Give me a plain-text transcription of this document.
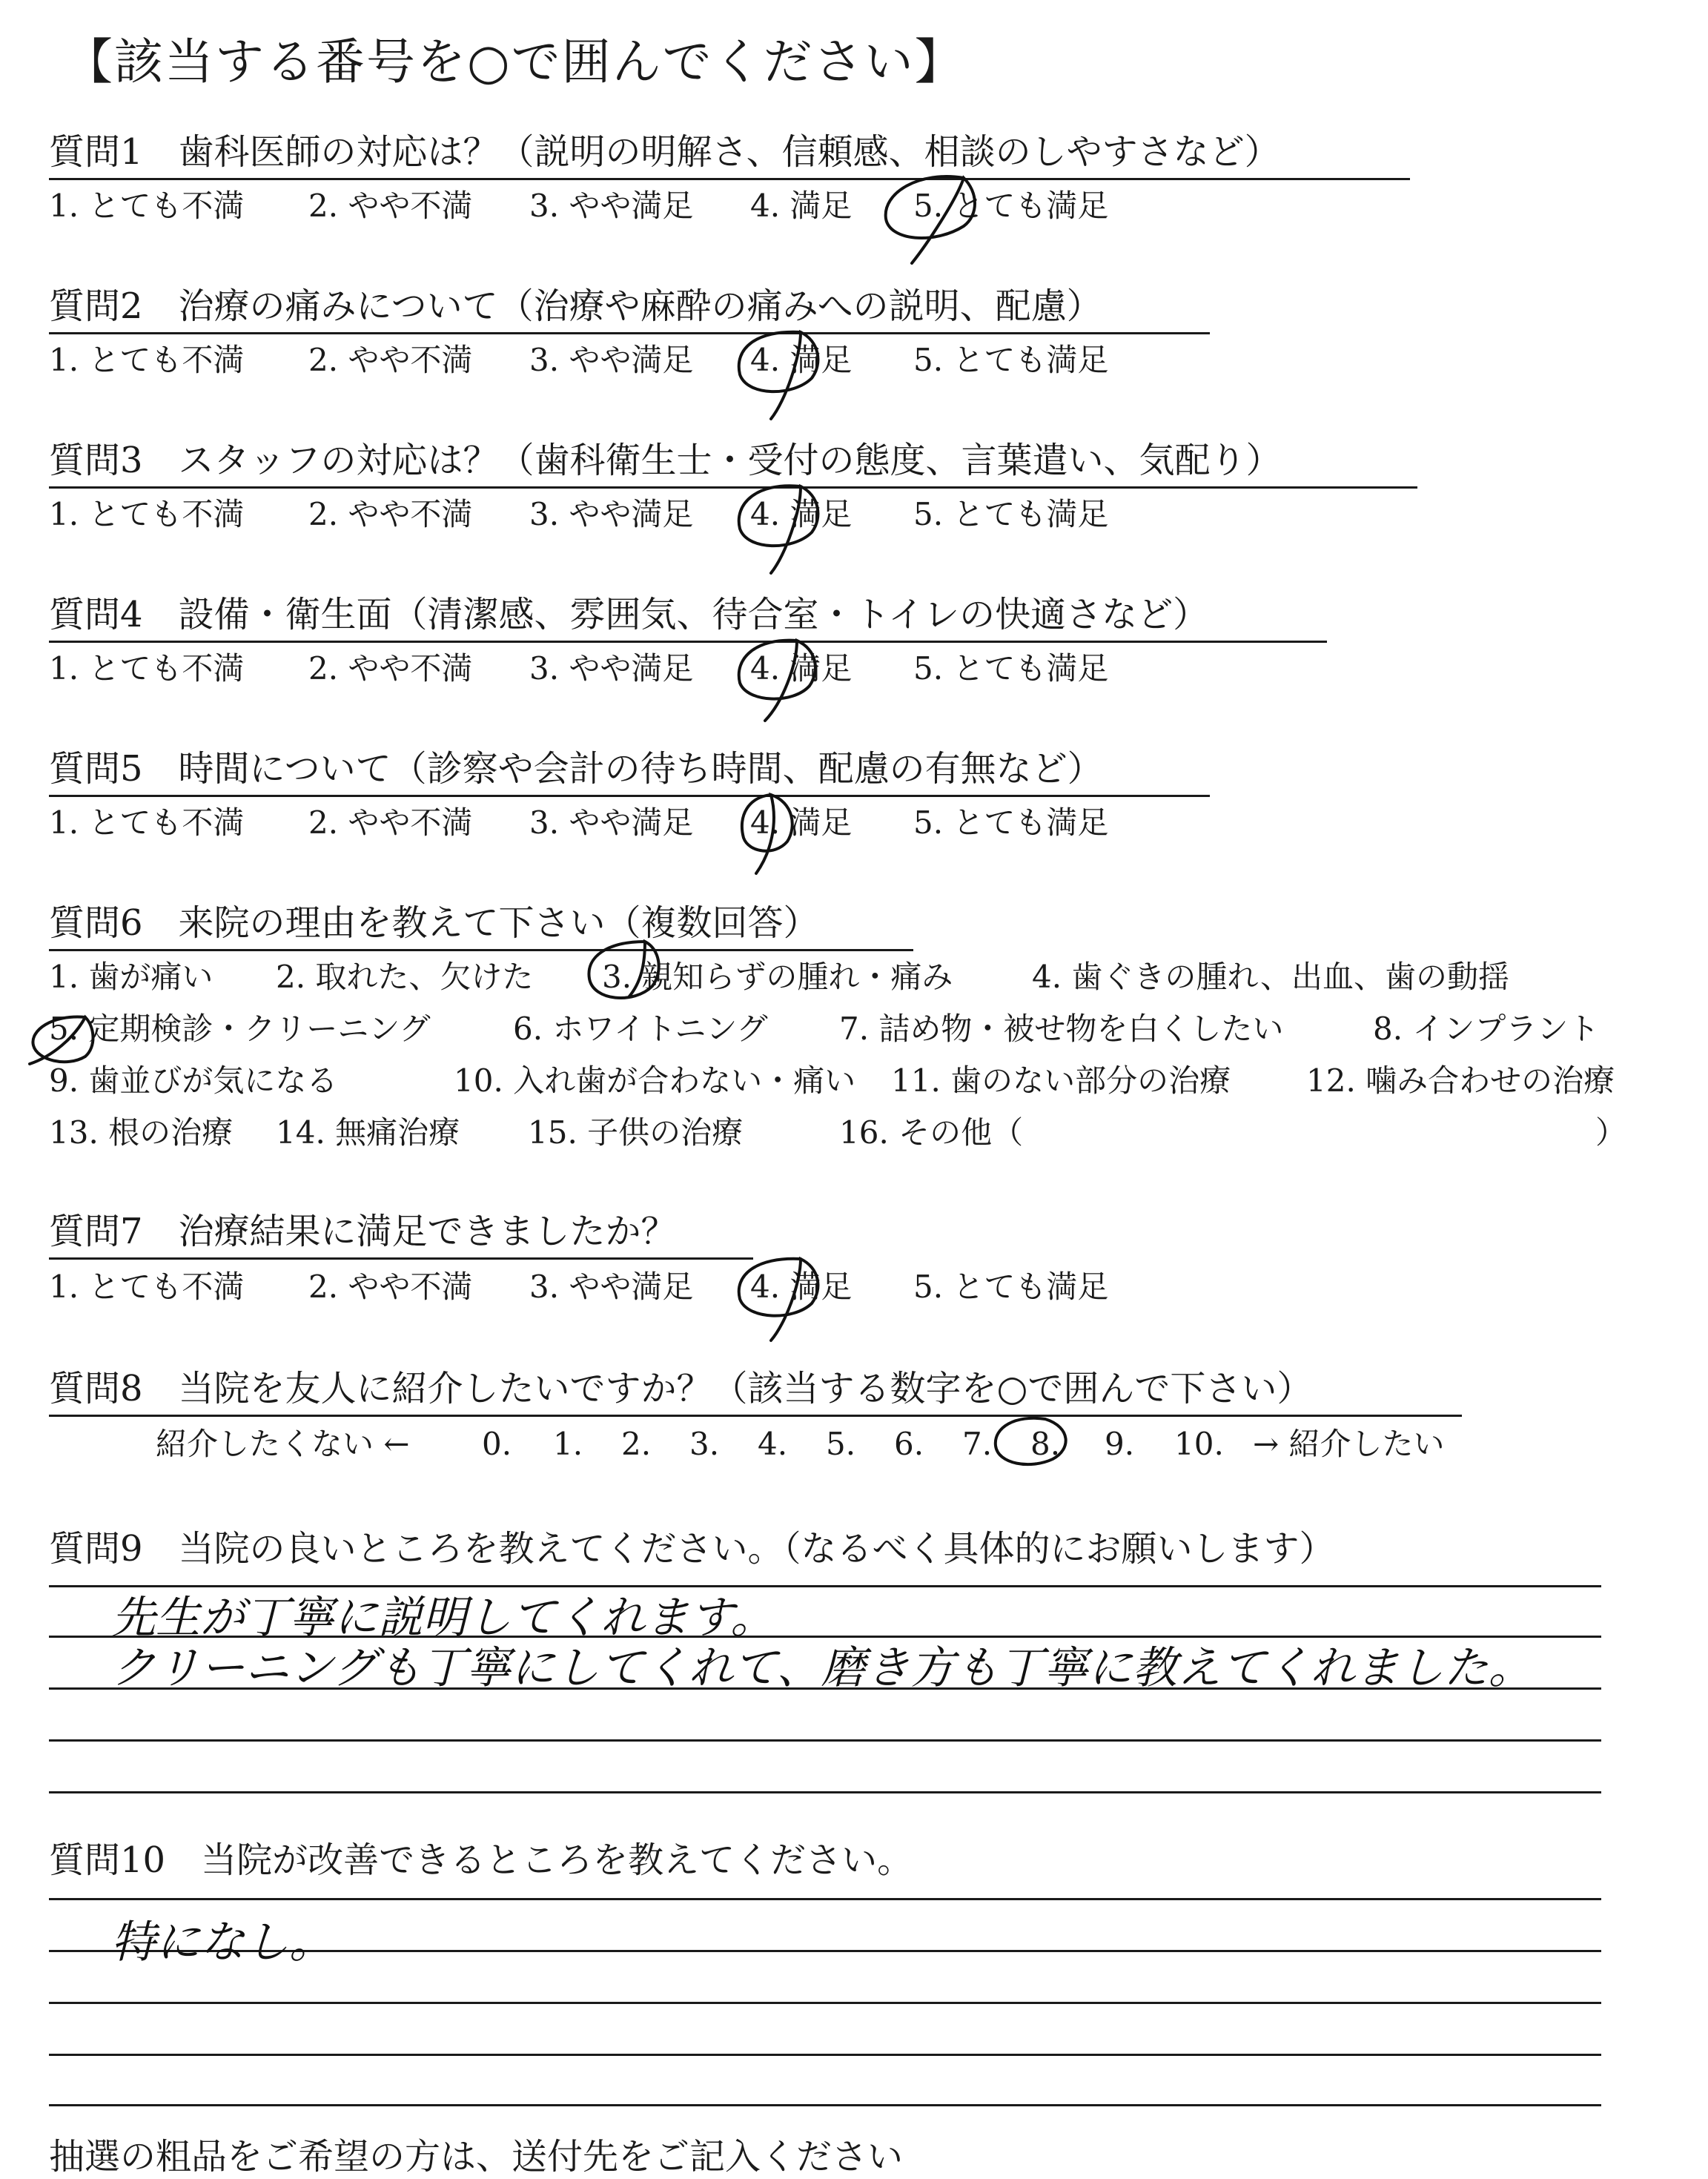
【該当する番号を○で囲んでください】
質問1　歯科医師の対応は？（説明の明解さ、信頼感、相談のしやすさなど）
1. とても不満 2. やや不満 3. やや満足 4. 満足 5. とても満足
質問2　治療の痛みについて（治療や麻酔の痛みへの説明、配慮）
1. とても不満 2. やや不満 3. やや満足 4. 満足 5. とても満足
質問3　スタッフの対応は？（歯科衛生士・受付の態度、言葉遣い、気配り）
1. とても不満 2. やや不満 3. やや満足 4. 満足 5. とても満足
質問4　設備・衛生面（清潔感、雰囲気、待合室・トイレの快適さなど）
1. とても不満 2. やや不満 3. やや満足 4. 満足 5. とても満足
質問5　時間について（診察や会計の待ち時間、配慮の有無など）
1. とても不満 2. やや不満 3. やや満足 4. 満足 5. とても満足
質問6　来院の理由を教えて下さい（複数回答）
1. 歯が痛い 2. 取れた、欠けた 3. 親知らずの腫れ・痛み	4. 歯ぐきの腫れ、出血、歯の動揺
5. 定期検診・クリーニング	6. ホワイトニング 7. 詰め物・被せ物を白くしたい	8. インプラント
9. 歯並びが気になる	10. 入れ歯が合わない・痛い 11. 歯のない部分の治療 12. 噛み合わせの治療
13. 根の治療 14. 無痛治療 15. 子供の治療	16. その他（	）
質問7　治療結果に満足できましたか？
1. とても不満 2. やや不満 3. やや満足 4. 満足 5. とても満足
質問8　当院を友人に紹介したいですか？（該当する数字を○で囲んで下さい）
紹介したくない ← 0. 1. 2. 3. 4. 5. 6. 7. 8. 9. 10. → 紹介したい
質問9　当院の良いところを教えてください。（なるべく具体的にお願いします）
先生が丁寧に説明してくれます。
クリーニングも丁寧にしてくれて、磨き方も丁寧に教えてくれました。
質問10　当院が改善できるところを教えてください。
特になし。
抽選の粗品をご希望の方は、送付先をご記入ください
